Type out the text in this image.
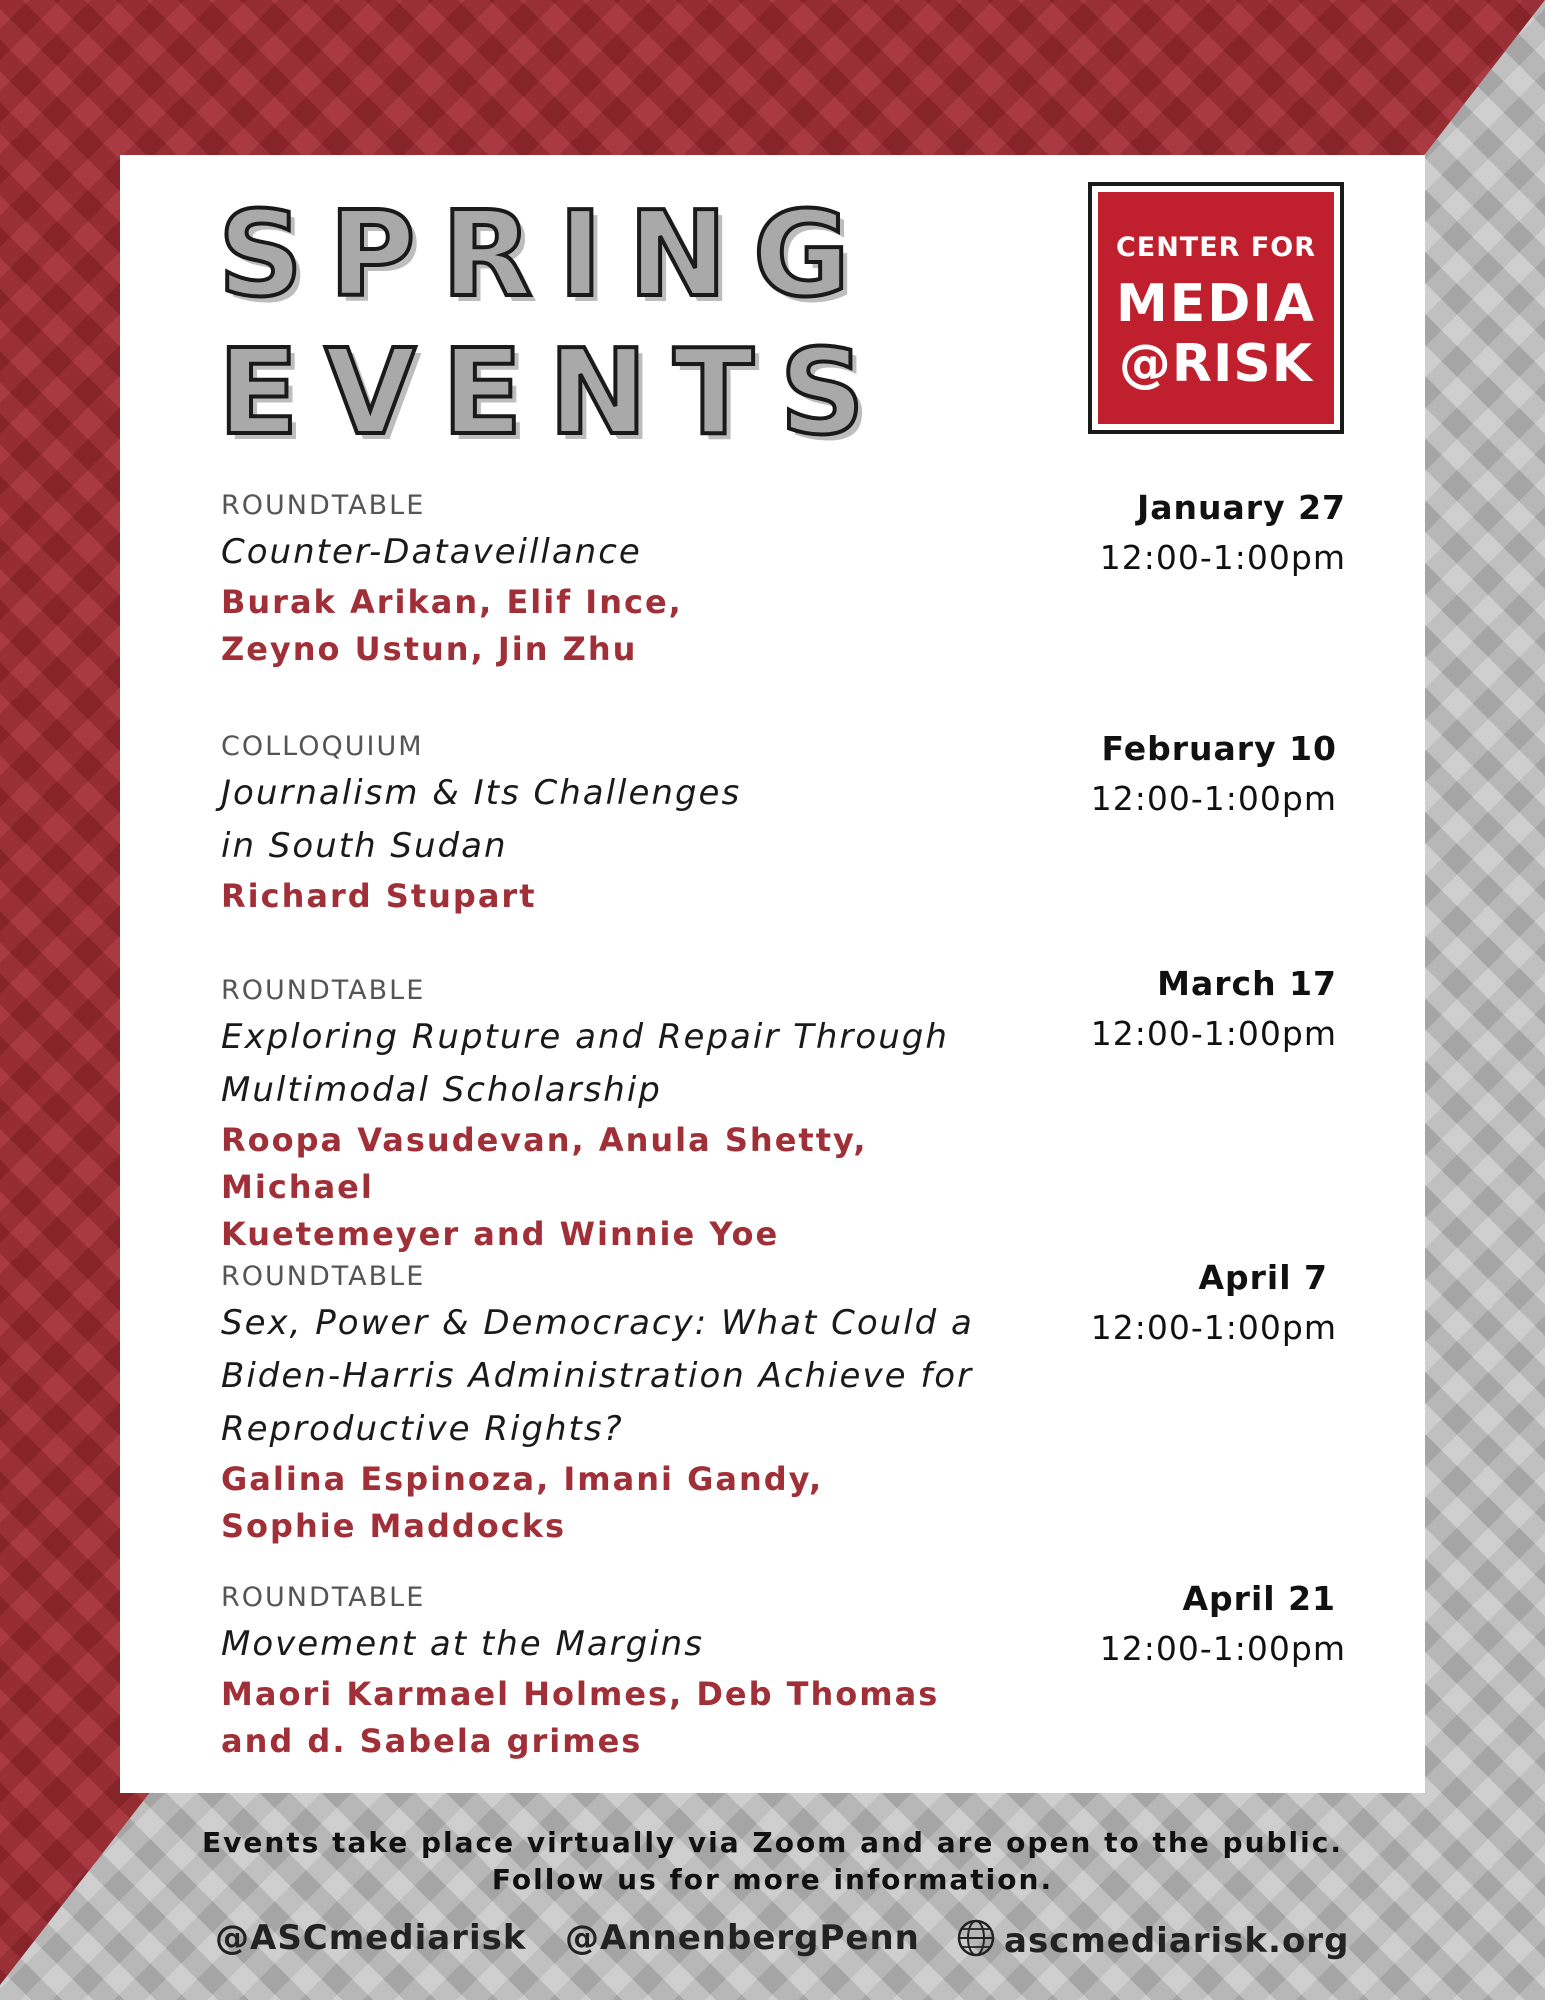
SPRING
EVENTS
CENTER FOR
MEDIA
@RISK
ROUNDTABLE
Counter-Dataveillance
Burak Arikan, Elif Ince,
Zeyno Ustun, Jin Zhu
January 27
12:00-1:00pm
COLLOQUIUM
Journalism & Its Challenges
in South Sudan
Richard Stupart
February 10
12:00-1:00pm
ROUNDTABLE
Exploring Rupture and Repair Through
Multimodal Scholarship
Roopa Vasudevan, Anula Shetty, Michael
Kuetemeyer and Winnie Yoe
March 17
12:00-1:00pm
ROUNDTABLE
Sex, Power & Democracy: What Could a
Biden-Harris Administration Achieve for
Reproductive Rights?
Galina Espinoza, Imani Gandy,
Sophie Maddocks
April 7
12:00-1:00pm
ROUNDTABLE
Movement at the Margins
Maori Karmael Holmes, Deb Thomas
and d. Sabela grimes
April 21
12:00-1:00pm
Events take place virtually via Zoom and are open to the public.
Follow us for more information.
@ASCmediarisk @AnnenbergPenn	ascmediarisk.org
